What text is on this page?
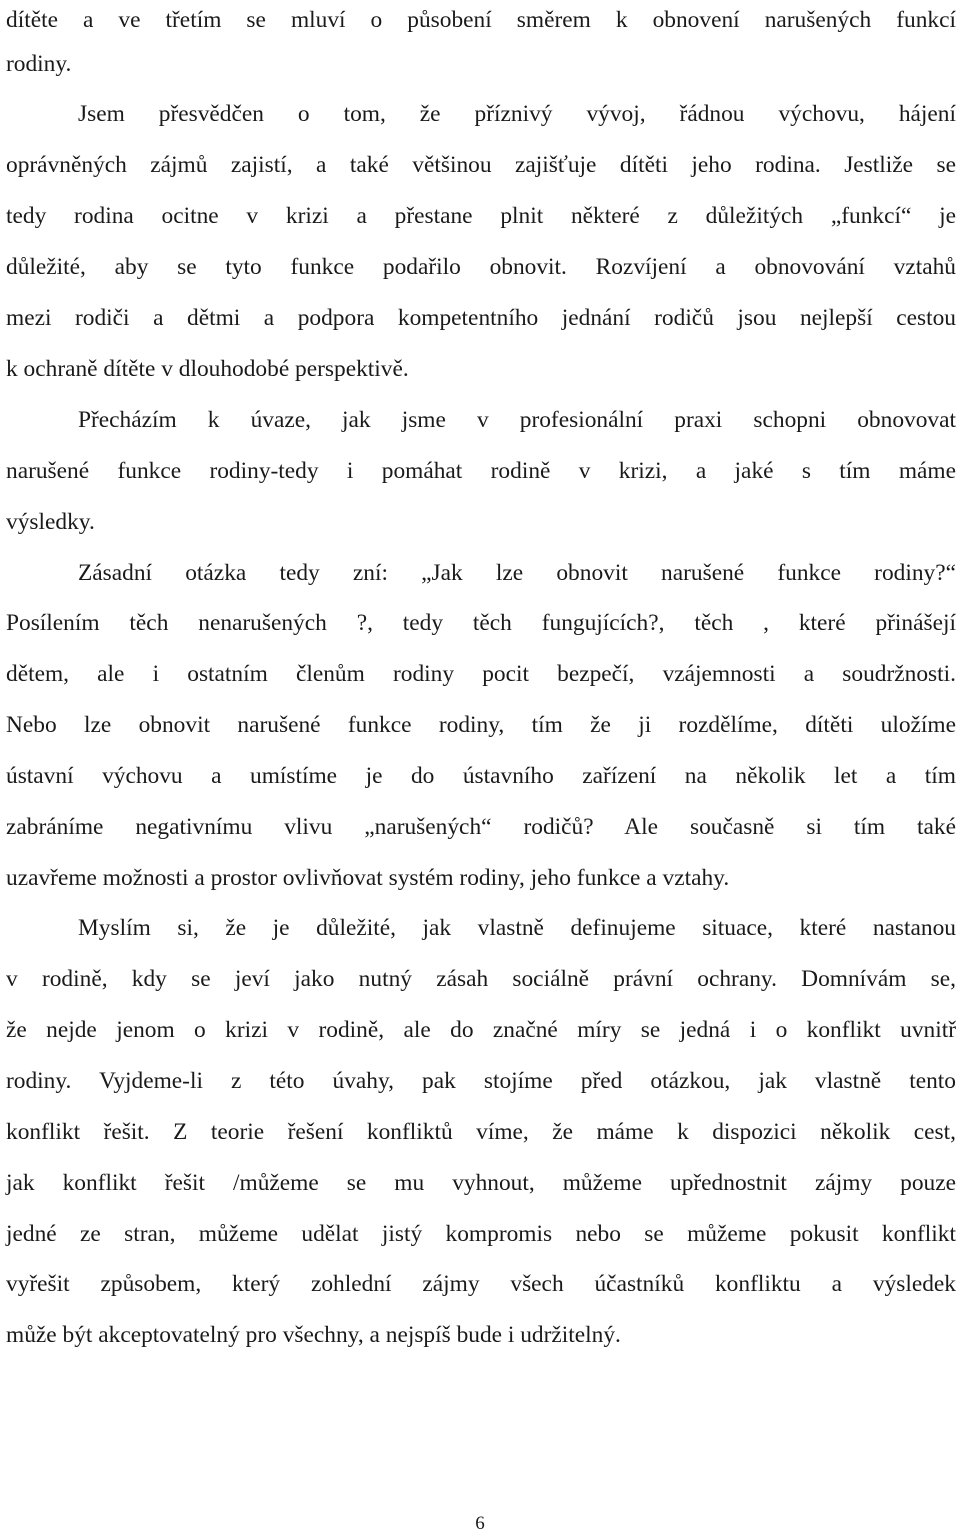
dítěte a ve třetím se mluví o působení směrem k obnovení narušených funkcí
rodiny.
Jsem přesvědčen o tom, že příznivý vývoj, řádnou výchovu, hájení
oprávněných zájmů zajistí, a také většinou zajišťuje dítěti jeho rodina. Jestliže se
tedy rodina ocitne v krizi a přestane plnit některé z důležitých „funkcí“ je
důležité, aby se tyto funkce podařilo obnovit. Rozvíjení a obnovování vztahů
mezi rodiči a dětmi a podpora kompetentního jednání rodičů jsou nejlepší cestou
k ochraně dítěte v dlouhodobé perspektivě.
Přecházím k úvaze, jak jsme v profesionální praxi schopni obnovovat
narušené funkce rodiny-tedy i pomáhat rodině v krizi, a jaké s tím máme
výsledky.
Zásadní otázka tedy zní: „Jak lze obnovit narušené funkce rodiny?“
Posílením těch nenarušených ?, tedy těch fungujících?, těch , které přinášejí
dětem, ale i ostatním členům rodiny pocit bezpečí, vzájemnosti a soudržnosti.
Nebo lze obnovit narušené funkce rodiny, tím že ji rozdělíme, dítěti uložíme
ústavní výchovu a umístíme je do ústavního zařízení na několik let a tím
zabráníme negativnímu vlivu „narušených“ rodičů? Ale současně si tím také
uzavřeme možnosti a prostor ovlivňovat systém rodiny, jeho funkce a vztahy.
Myslím si, že je důležité, jak vlastně definujeme situace, které nastanou
v rodině, kdy se jeví jako nutný zásah sociálně právní ochrany. Domnívám se,
že nejde jenom o krizi v rodině, ale do značné míry se jedná i o konflikt uvnitř
rodiny. Vyjdeme-li z této úvahy, pak stojíme před otázkou, jak vlastně tento
konflikt řešit. Z teorie řešení konfliktů víme, že máme k dispozici několik cest,
jak konflikt řešit /můžeme se mu vyhnout, můžeme upřednostnit zájmy pouze
jedné ze stran, můžeme udělat jistý kompromis nebo se můžeme pokusit konflikt
vyřešit způsobem, který zohlední zájmy všech účastníků konfliktu a výsledek
může být akceptovatelný pro všechny, a nejspíš bude i udržitelný.
6
